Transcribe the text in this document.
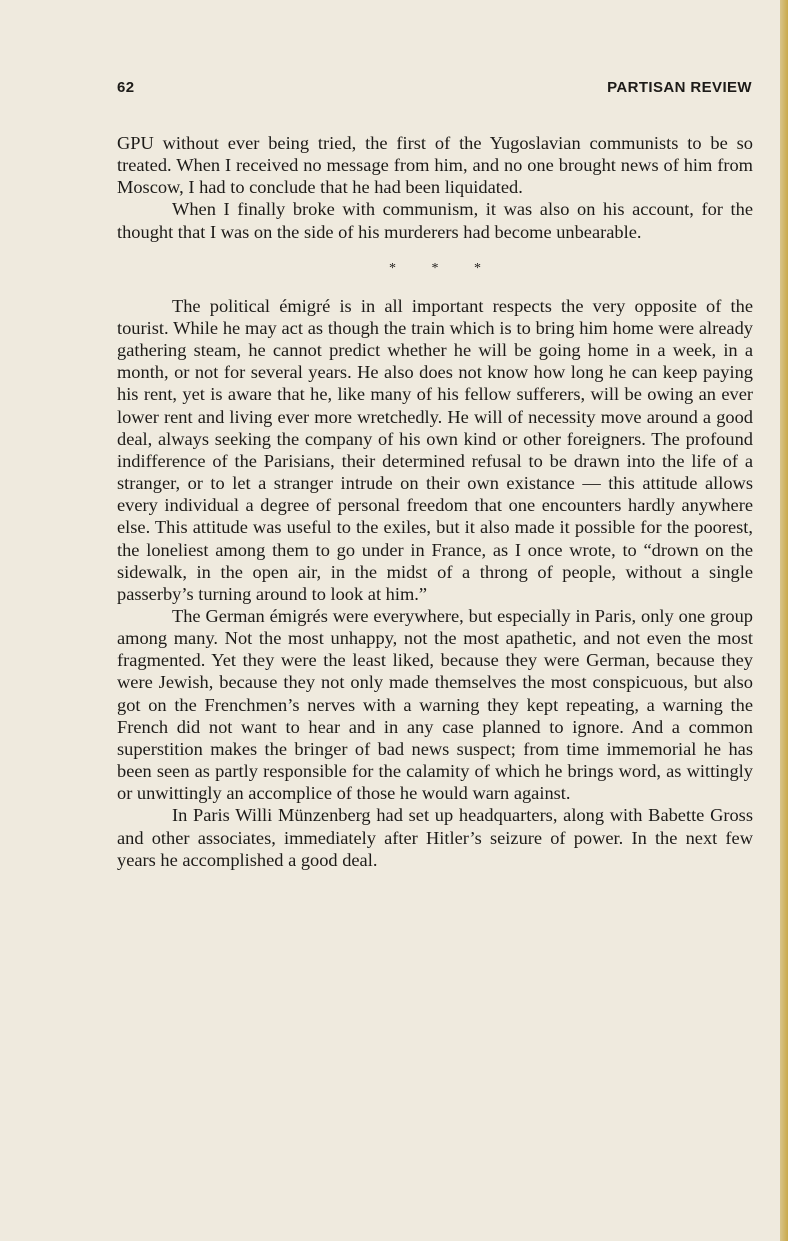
62	PARTISAN REVIEW

GPU without ever being tried, the first of the Yugoslavian communists to be so treated. When I received no message from him, and no one brought news of him from Moscow, I had to conclude that he had been liquidated.

When I finally broke with communism, it was also on his account, for the thought that I was on the side of his murderers had become unbearable.

* * *

The political émigré is in all important respects the very opposite of the tourist. While he may act as though the train which is to bring him home were already gathering steam, he cannot predict whether he will be going home in a week, in a month, or not for several years. He also does not know how long he can keep paying his rent, yet is aware that he, like many of his fellow sufferers, will be owing an ever lower rent and living ever more wretchedly. He will of necessity move around a good deal, always seeking the company of his own kind or other foreigners. The profound indifference of the Parisians, their determined refusal to be drawn into the life of a stranger, or to let a stranger intrude on their own existance — this attitude allows every individual a degree of personal freedom that one encounters hardly anywhere else. This attitude was useful to the exiles, but it also made it possible for the poorest, the loneliest among them to go under in France, as I once wrote, to “drown on the sidewalk, in the open air, in the midst of a throng of people, without a single passerby’s turning around to look at him.”

The German émigrés were everywhere, but especially in Paris, only one group among many. Not the most unhappy, not the most apathetic, and not even the most fragmented. Yet they were the least liked, because they were German, because they were Jewish, because they not only made themselves the most conspicuous, but also got on the Frenchmen’s nerves with a warning they kept repeating, a warning the French did not want to hear and in any case planned to ignore. And a common superstition makes the bringer of bad news suspect; from time immemorial he has been seen as partly responsible for the calamity of which he brings word, as wittingly or unwittingly an accomplice of those he would warn against.

In Paris Willi Münzenberg had set up headquarters, along with Babette Gross and other associates, immediately after Hitler’s seizure of power. In the next few years he accomplished a good deal.
